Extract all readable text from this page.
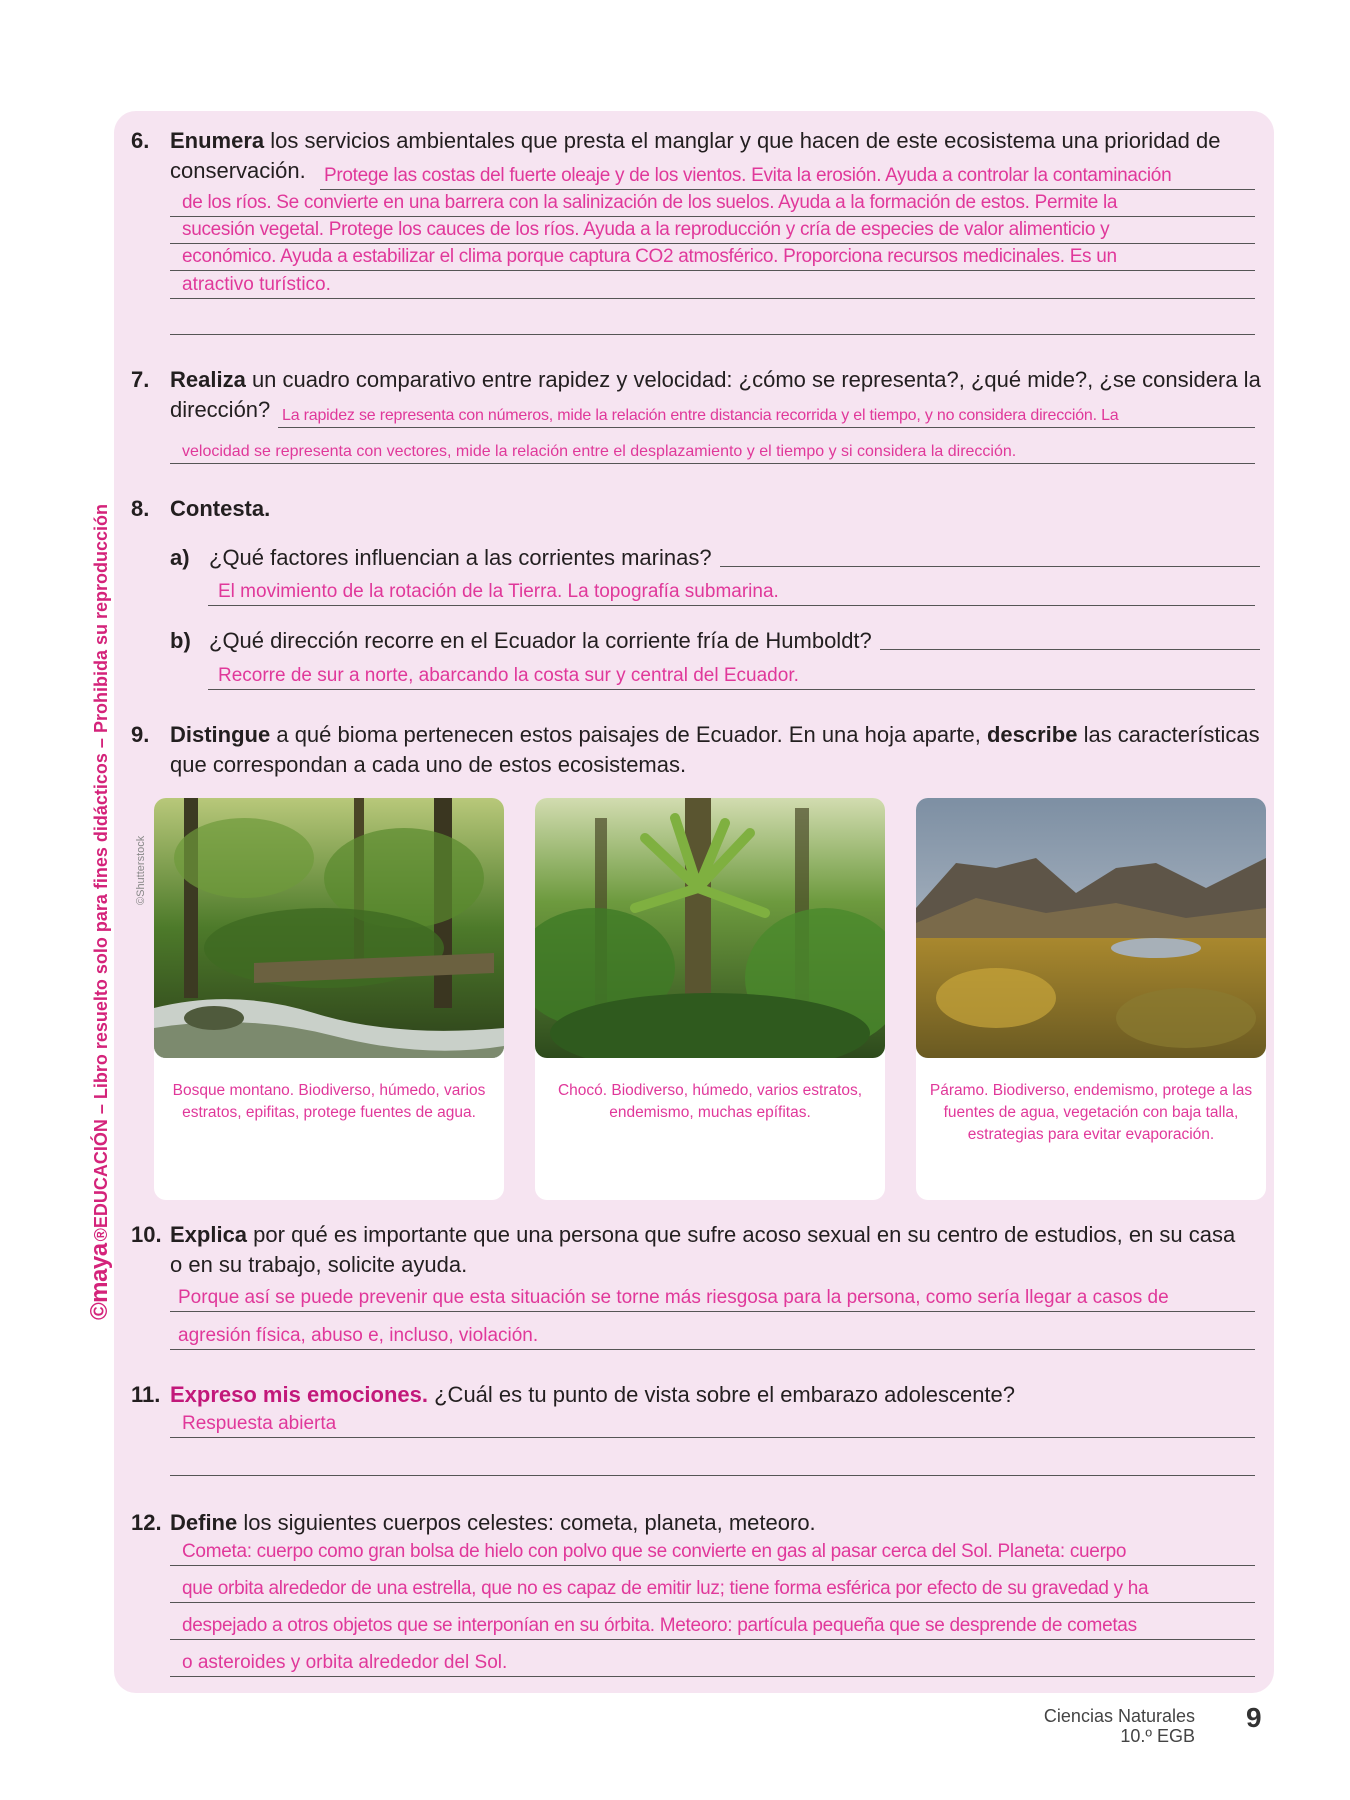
©maya
®EDUCACIÓN – Libro resuelto solo para fines didácticos – Prohibida su reproducción
6. Enumera los servicios ambientales que presta el manglar y que hacen de este ecosistema una prioridad de
conservación. Protege las costas del fuerte oleaje y de los vientos. Evita la erosión. Ayuda a controlar la contaminación
de los ríos. Se convierte en una barrera con la salinización de los suelos. Ayuda a la formación de estos. Permite la
sucesión vegetal. Protege los cauces de los ríos. Ayuda a la reproducción y cría de especies de valor alimenticio y
económico. Ayuda a estabilizar el clima porque captura CO2 atmosférico. Proporciona recursos medicinales. Es un
atractivo turístico.
7. Realiza un cuadro comparativo entre rapidez y velocidad: ¿cómo se representa?, ¿qué mide?, ¿se considera la
dirección? La rapidez se representa con números, mide la relación entre distancia recorrida y el tiempo, y no considera dirección. La
velocidad se representa con vectores, mide la relación entre el desplazamiento y el tiempo y si considera la dirección.
8. Contesta.
a) ¿Qué factores influencian a las corrientes marinas?
El movimiento de la rotación de la Tierra. La topografía submarina.
b) ¿Qué dirección recorre en el Ecuador la corriente fría de Humboldt?
Recorre de sur a norte, abarcando la costa sur y central del Ecuador.
9. Distingue a qué bioma pertenecen estos paisajes de Ecuador. En una hoja aparte, describe las características
que correspondan a cada uno de estos ecosistemas.
©Shutterstock
Bosque montano. Biodiverso, húmedo, varios estratos, epifitas, protege fuentes de agua.
Chocó. Biodiverso, húmedo, varios estratos, endemismo, muchas epífitas.
Páramo. Biodiverso, endemismo, protege a las fuentes de agua, vegetación con baja talla, estrategias para evitar evaporación.
10. Explica por qué es importante que una persona que sufre acoso sexual en su centro de estudios, en su casa
o en su trabajo, solicite ayuda.
Porque así se puede prevenir que esta situación se torne más riesgosa para la persona, como sería llegar a casos de
agresión física, abuso e, incluso, violación.
11. Expreso mis emociones. ¿Cuál es tu punto de vista sobre el embarazo adolescente?
Respuesta abierta
12. Define los siguientes cuerpos celestes: cometa, planeta, meteoro.
Cometa: cuerpo como gran bolsa de hielo con polvo que se convierte en gas al pasar cerca del Sol. Planeta: cuerpo
que orbita alrededor de una estrella, que no es capaz de emitir luz; tiene forma esférica por efecto de su gravedad y ha
despejado a otros objetos que se interponían en su órbita. Meteoro: partícula pequeña que se desprende de cometas
o asteroides y orbita alrededor del Sol.
Ciencias Naturales
10.º EGB
9
